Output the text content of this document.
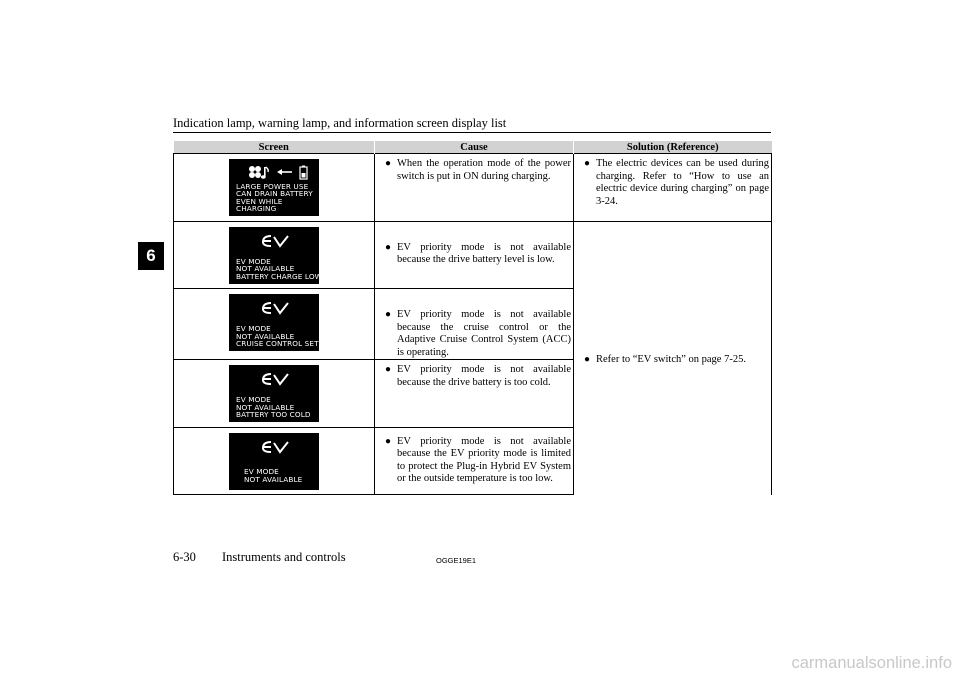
Indication lamp, warning lamp, and information screen display list
6
Screen	Cause	Solution (Reference)

LARGE POWER USE
CAN DRAIN BATTERY
EVEN WHILE
CHARGING	● When the operation mode of the power switch is put in ON during charging.	● The electric devices can be used during charging. Refer to “How to use an electric device during charging” on page 3-24.

EV MODE
NOT AVAILABLE
BATTERY CHARGE LOW	● EV priority mode is not available because the drive battery level is low.	● Refer to “EV switch” on page 7-25.

EV MODE
NOT AVAILABLE
CRUISE CONTROL SET	● EV priority mode is not available because the cruise control or the Adaptive Cruise Control System (ACC) is operating.	

EV MODE
NOT AVAILABLE
BATTERY TOO COLD	● EV priority mode is not available because the drive battery is too cold.	

EV MODE
NOT AVAILABLE	● EV priority mode is not available because the EV priority mode is limited to protect the Plug-in Hybrid EV System or the outside temperature is too low.	
6-30 Instruments and controls	OGGE19E1
carmanualsonline.info
